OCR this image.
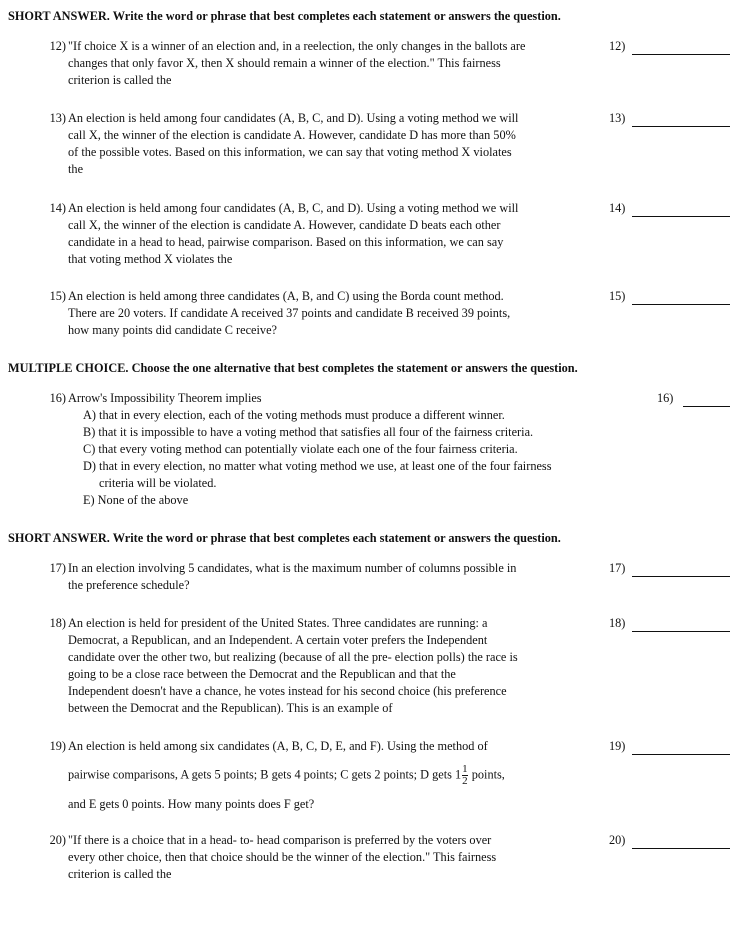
SHORT ANSWER. Write the word or phrase that best completes each statement or answers the question.
12) "If choice X is a winner of an election and, in a reelection, the only changes in the ballots are
changes that only favor X, then X should remain a winner of the election." This fairness
criterion is called the
12)
13) An election is held among four candidates (A, B, C, and D). Using a voting method we will
call X, the winner of the election is candidate A. However, candidate D has more than 50%
of the possible votes. Based on this information, we can say that voting method X violates
the
13)
14) An election is held among four candidates (A, B, C, and D). Using a voting method we will
call X, the winner of the election is candidate A. However, candidate D beats each other
candidate in a head to head, pairwise comparison. Based on this information, we can say
that voting method X violates the
14)
15) An election is held among three candidates (A, B, and C) using the Borda count method.
There are 20 voters. If candidate A received 37 points and candidate B received 39 points,
how many points did candidate C receive?
15)
MULTIPLE CHOICE. Choose the one alternative that best completes the statement or answers the question.
16) Arrow's Impossibility Theorem implies	16)
A) that in every election, each of the voting methods must produce a different winner.
B) that it is impossible to have a voting method that satisfies all four of the fairness criteria.
C) that every voting method can potentially violate each one of the four fairness criteria.
D) that in every election, no matter what voting method we use, at least one of the four fairness
criteria will be violated.
E) None of the above
SHORT ANSWER. Write the word or phrase that best completes each statement or answers the question.
17) In an election involving 5 candidates, what is the maximum number of columns possible in
the preference schedule?
17)
18) An election is held for president of the United States. Three candidates are running: a
Democrat, a Republican, and an Independent. A certain voter prefers the Independent
candidate over the other two, but realizing (because of all the pre- election polls) the race is
going to be a close race between the Democrat and the Republican and that the
Independent doesn't have a chance, he votes instead for his second choice (his preference
between the Democrat and the Republican). This is an example of
18)
19) An election is held among six candidates (A, B, C, D, E, and F). Using the method of
pairwise comparisons, A gets 5 points; B gets 4 points; C gets 2 points; D gets $1 \frac{1}{2}$ points,
and E gets 0 points. How many points does F get?
19)
20) "If there is a choice that in a head- to- head comparison is preferred by the voters over
every other choice, then that choice should be the winner of the election." This fairness
criterion is called the
20)
